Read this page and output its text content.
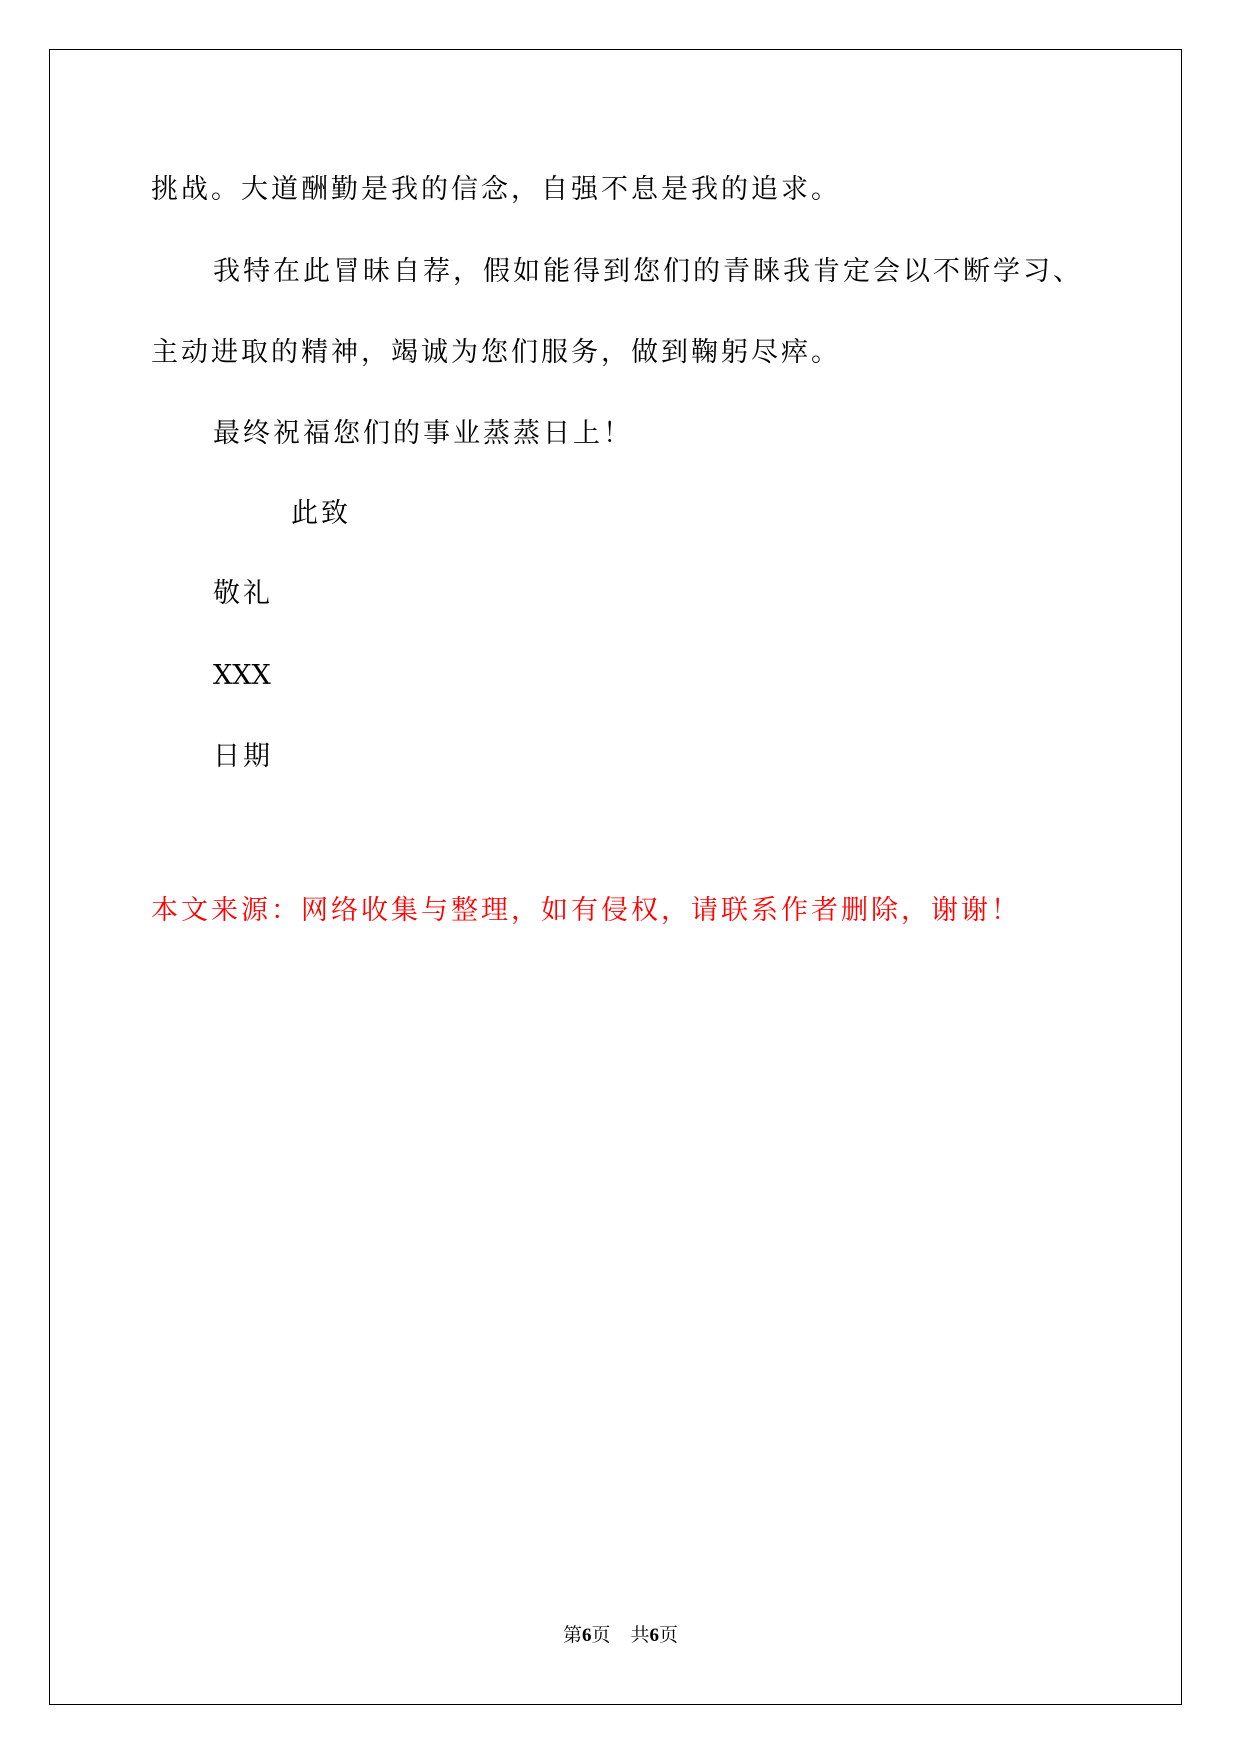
挑战。大道酬勤是我的信念，自强不息是我的追求。

我特在此冒昧自荐，假如能得到您们的青睐我肯定会以不断学习、

主动进取的精神，竭诚为您们服务，做到鞠躬尽瘁。

最终祝福您们的事业蒸蒸日上！

此致

敬礼

XXX

日期

本文来源：网络收集与整理，如有侵权，请联系作者删除，谢谢！

第6页 共6页
